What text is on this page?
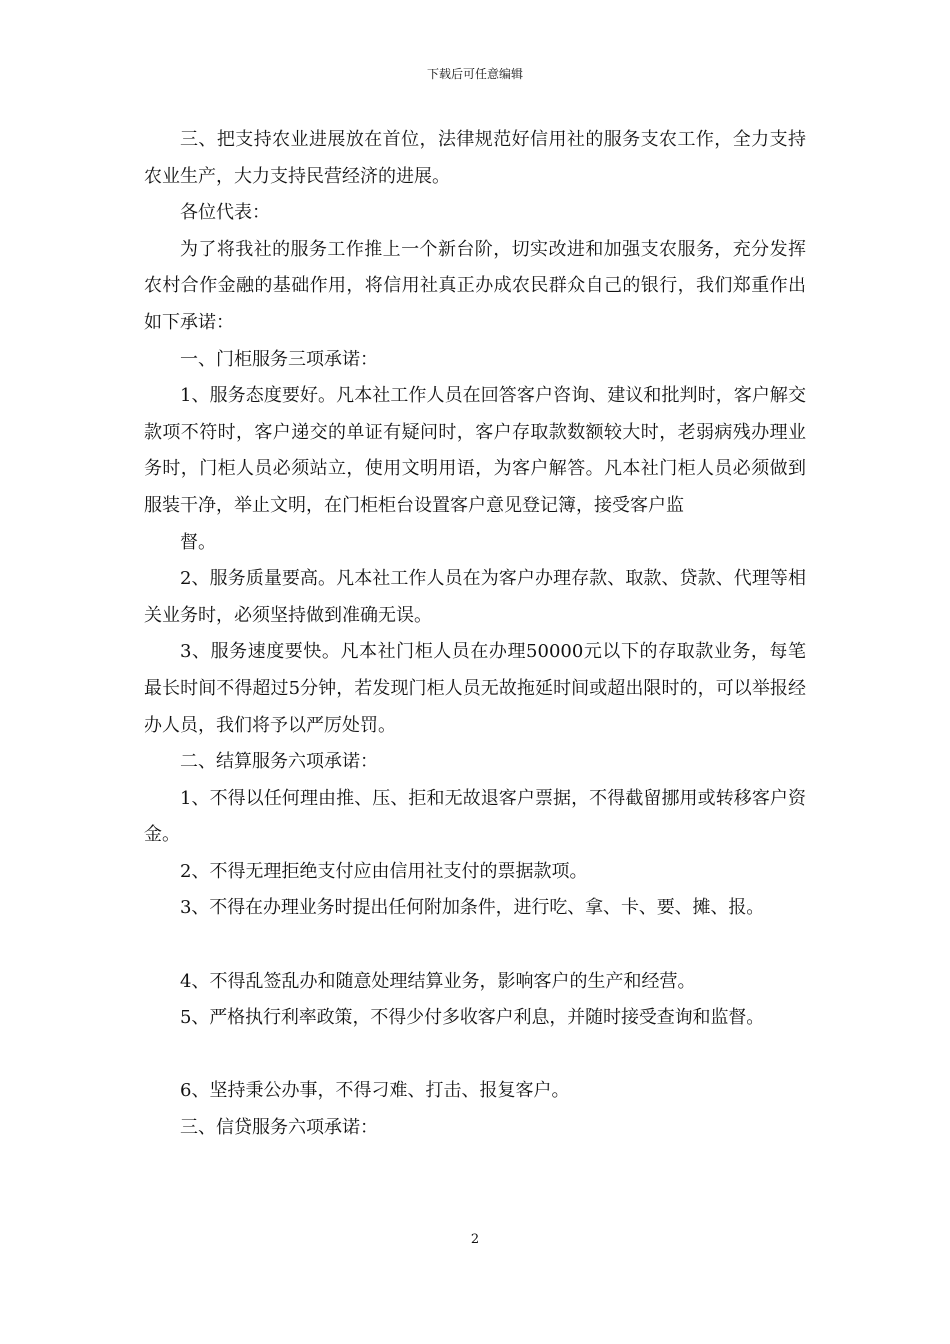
下载后可任意编辑

三、把支持农业进展放在首位，法律规范好信用社的服务支农工作，全力支持农业生产，大力支持民营经济的进展。

各位代表：

为了将我社的服务工作推上一个新台阶，切实改进和加强支农服务，充分发挥农村合作金融的基础作用，将信用社真正办成农民群众自己的银行，我们郑重作出如下承诺：

一、门柜服务三项承诺：

1、服务态度要好。凡本社工作人员在回答客户咨询、建议和批判时，客户解交款项不符时，客户递交的单证有疑问时，客户存取款数额较大时，老弱病残办理业务时，门柜人员必须站立，使用文明用语，为客户解答。凡本社门柜人员必须做到服装干净，举止文明，在门柜柜台设置客户意见登记簿，接受客户监

督。

2、服务质量要高。凡本社工作人员在为客户办理存款、取款、贷款、代理等相关业务时，必须坚持做到准确无误。

3、服务速度要快。凡本社门柜人员在办理50000元以下的存取款业务，每笔最长时间不得超过5分钟，若发现门柜人员无故拖延时间或超出限时的，可以举报经办人员，我们将予以严厉处罚。

二、结算服务六项承诺：

1、不得以任何理由推、压、拒和无故退客户票据，不得截留挪用或转移客户资金。

2、不得无理拒绝支付应由信用社支付的票据款项。

3、不得在办理业务时提出任何附加条件，进行吃、拿、卡、要、摊、报。

4、不得乱签乱办和随意处理结算业务，影响客户的生产和经营。

5、严格执行利率政策，不得少付多收客户利息，并随时接受查询和监督。

6、坚持秉公办事，不得刁难、打击、报复客户。

三、信贷服务六项承诺：

2
